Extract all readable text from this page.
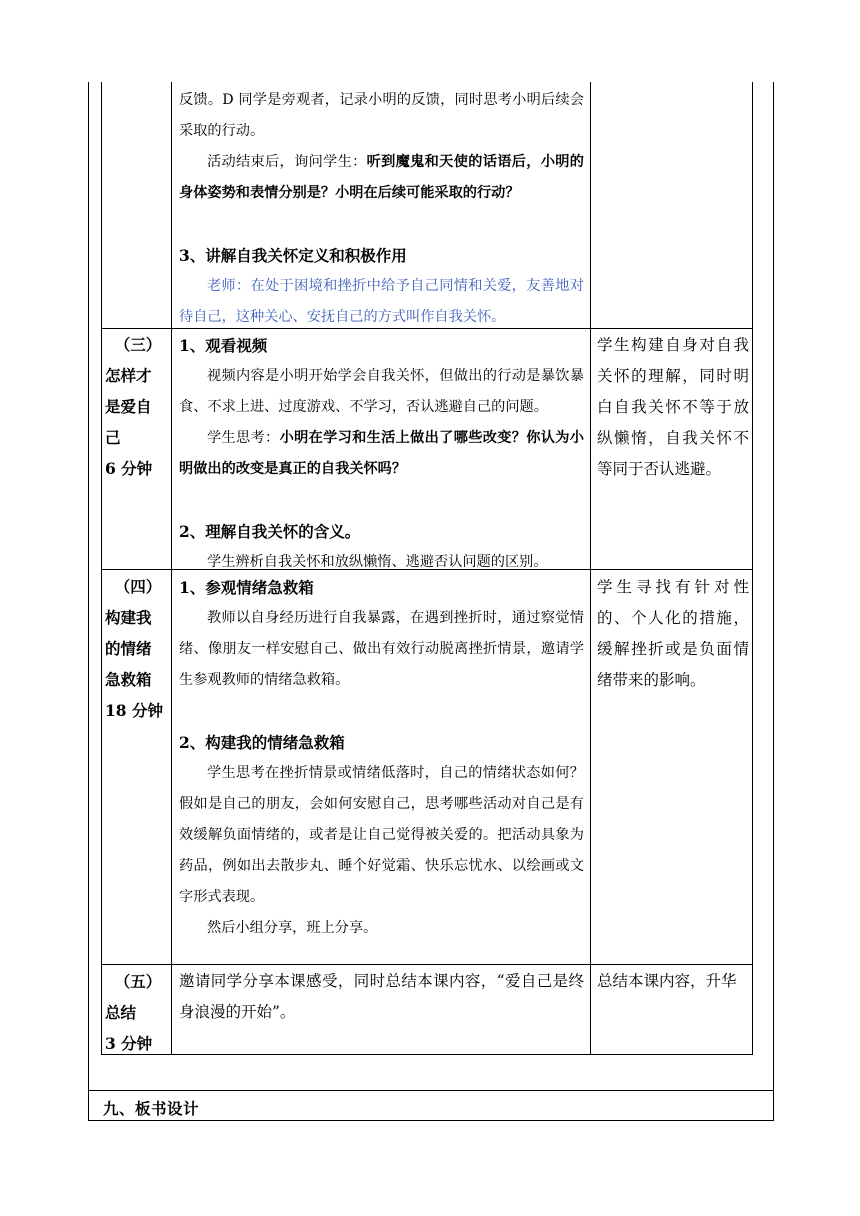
反馈。D 同学是旁观者，记录小明的反馈，同时思考小明后续会采取的行动。

活动结束后，询问学生：听到魔鬼和天使的话语后，小明的身体姿势和表情分别是？小明在后续可能采取的行动？

3、讲解自我关怀定义和积极作用

老师：在处于困境和挫折中给予自己同情和关爱，友善地对待自己，这种关心、安抚自己的方式叫作自我关怀。

（三）

怎样才

是爱自

己

6 分钟

1、观看视频

视频内容是小明开始学会自我关怀，但做出的行动是暴饮暴食、不求上进、过度游戏、不学习，否认逃避自己的问题。

学生思考：小明在学习和生活上做出了哪些改变？你认为小明做出的改变是真正的自我关怀吗？

2、理解自我关怀的含义。

学生辨析自我关怀和放纵懒惰、逃避否认问题的区别。

学生构建自身对自我关怀的理解，同时明白自我关怀不等于放纵懒惰，自我关怀不等同于否认逃避。

（四）

构建我

的情绪

急救箱

18 分钟

1、参观情绪急救箱

教师以自身经历进行自我暴露，在遇到挫折时，通过察觉情绪、像朋友一样安慰自己、做出有效行动脱离挫折情景，邀请学生参观教师的情绪急救箱。

2、构建我的情绪急救箱

学生思考在挫折情景或情绪低落时，自己的情绪状态如何？假如是自己的朋友，会如何安慰自己，思考哪些活动对自己是有效缓解负面情绪的，或者是让自己觉得被关爱的。把活动具象为药品，例如出去散步丸、睡个好觉霜、快乐忘忧水、以绘画或文字形式表现。

然后小组分享，班上分享。

学生寻找有针对性的、个人化的措施，缓解挫折或是负面情绪带来的影响。

（五）

总结

3 分钟

邀请同学分享本课感受，同时总结本课内容，“爱自己是终身浪漫的开始”。

总结本课内容，升华

九、板书设计
